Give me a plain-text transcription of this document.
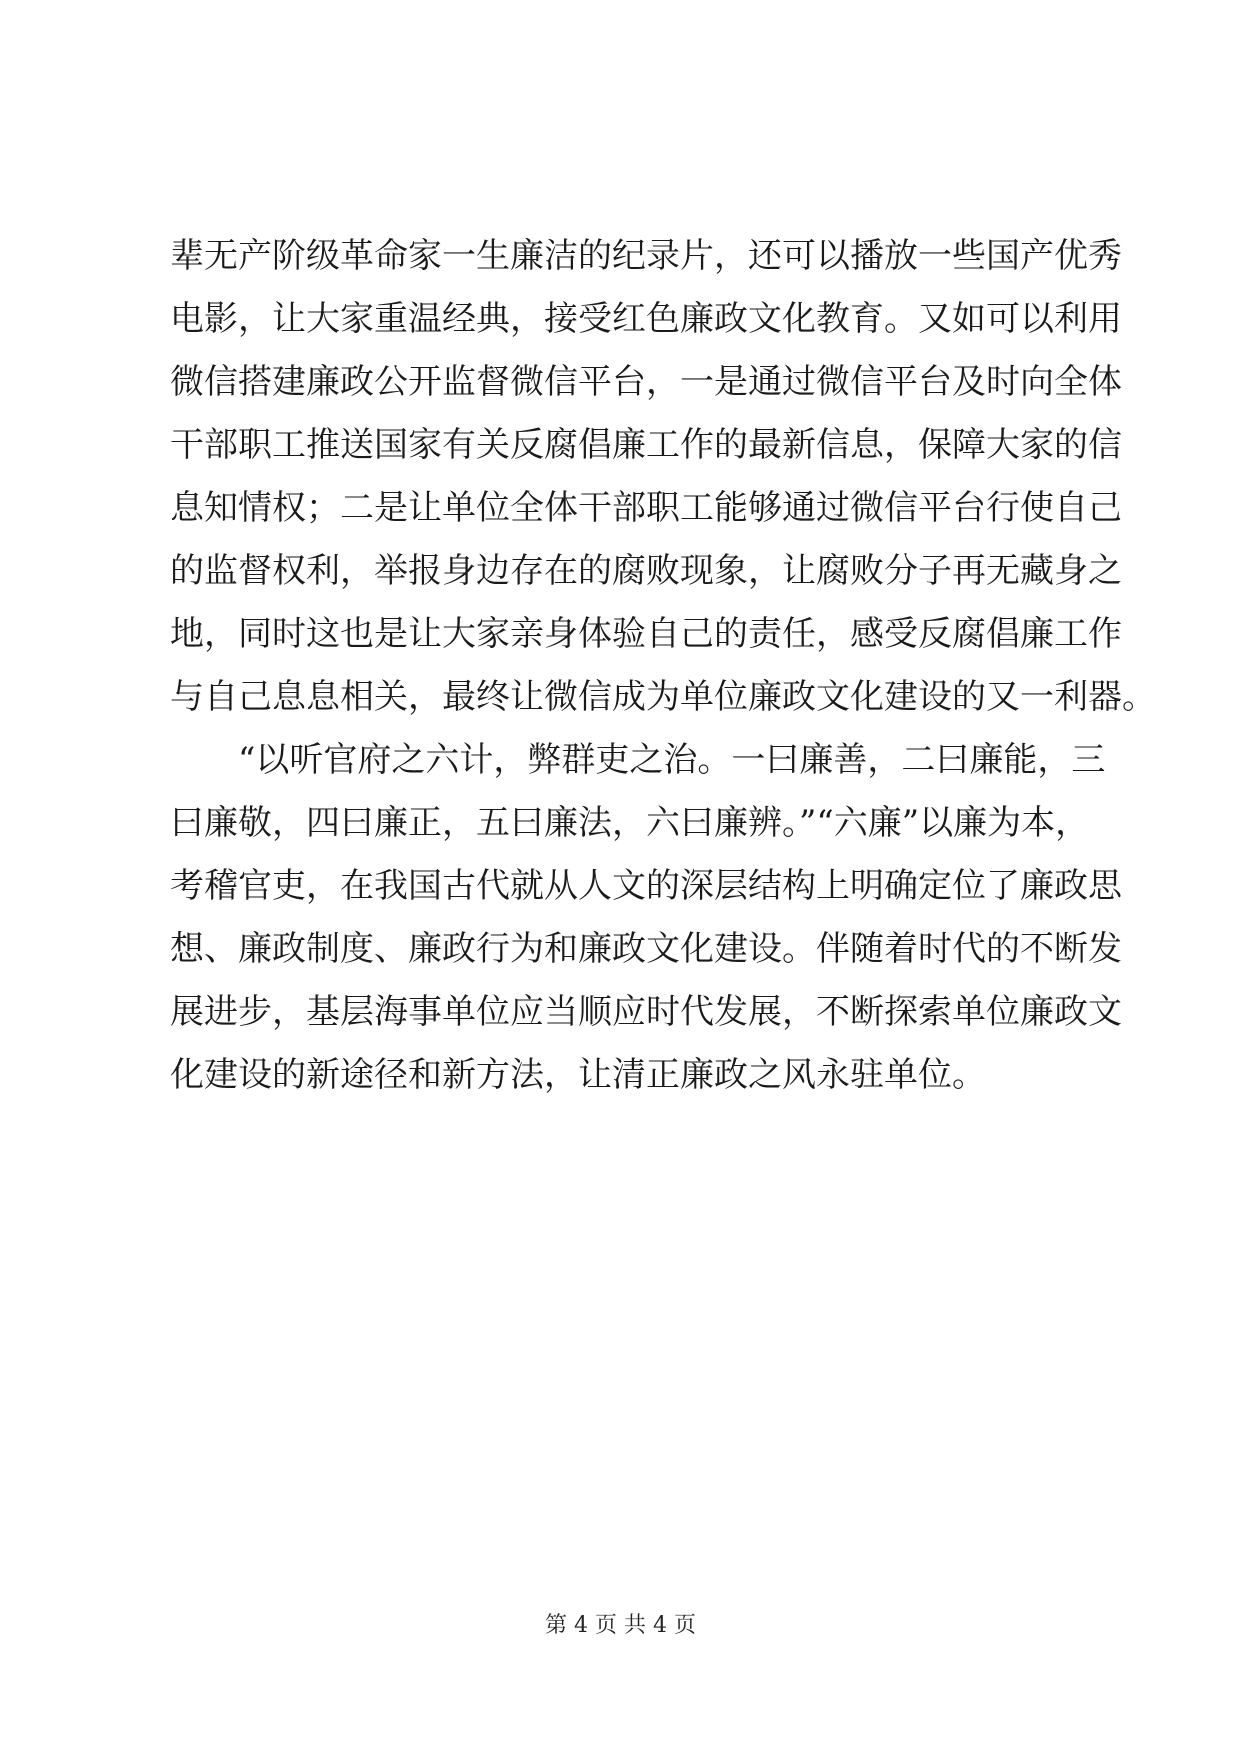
辈无产阶级革命家一生廉洁的纪录片，还可以播放一些国产优秀
电影，让大家重温经典，接受红色廉政文化教育。又如可以利用
微信搭建廉政公开监督微信平台，一是通过微信平台及时向全体
干部职工推送国家有关反腐倡廉工作的最新信息，保障大家的信
息知情权；二是让单位全体干部职工能够通过微信平台行使自己
的监督权利，举报身边存在的腐败现象，让腐败分子再无藏身之
地，同时这也是让大家亲身体验自己的责任，感受反腐倡廉工作
与自己息息相关，最终让微信成为单位廉政文化建设的又一利器。
“以听官府之六计，弊群吏之治。一曰廉善，二曰廉能，三
曰廉敬，四曰廉正，五曰廉法，六曰廉辨。”“六廉”以廉为本，
考稽官吏，在我国古代就从人文的深层结构上明确定位了廉政思
想、廉政制度、廉政行为和廉政文化建设。伴随着时代的不断发
展进步，基层海事单位应当顺应时代发展，不断探索单位廉政文
化建设的新途径和新方法，让清正廉政之风永驻单位。
第 4 页 共 4 页
